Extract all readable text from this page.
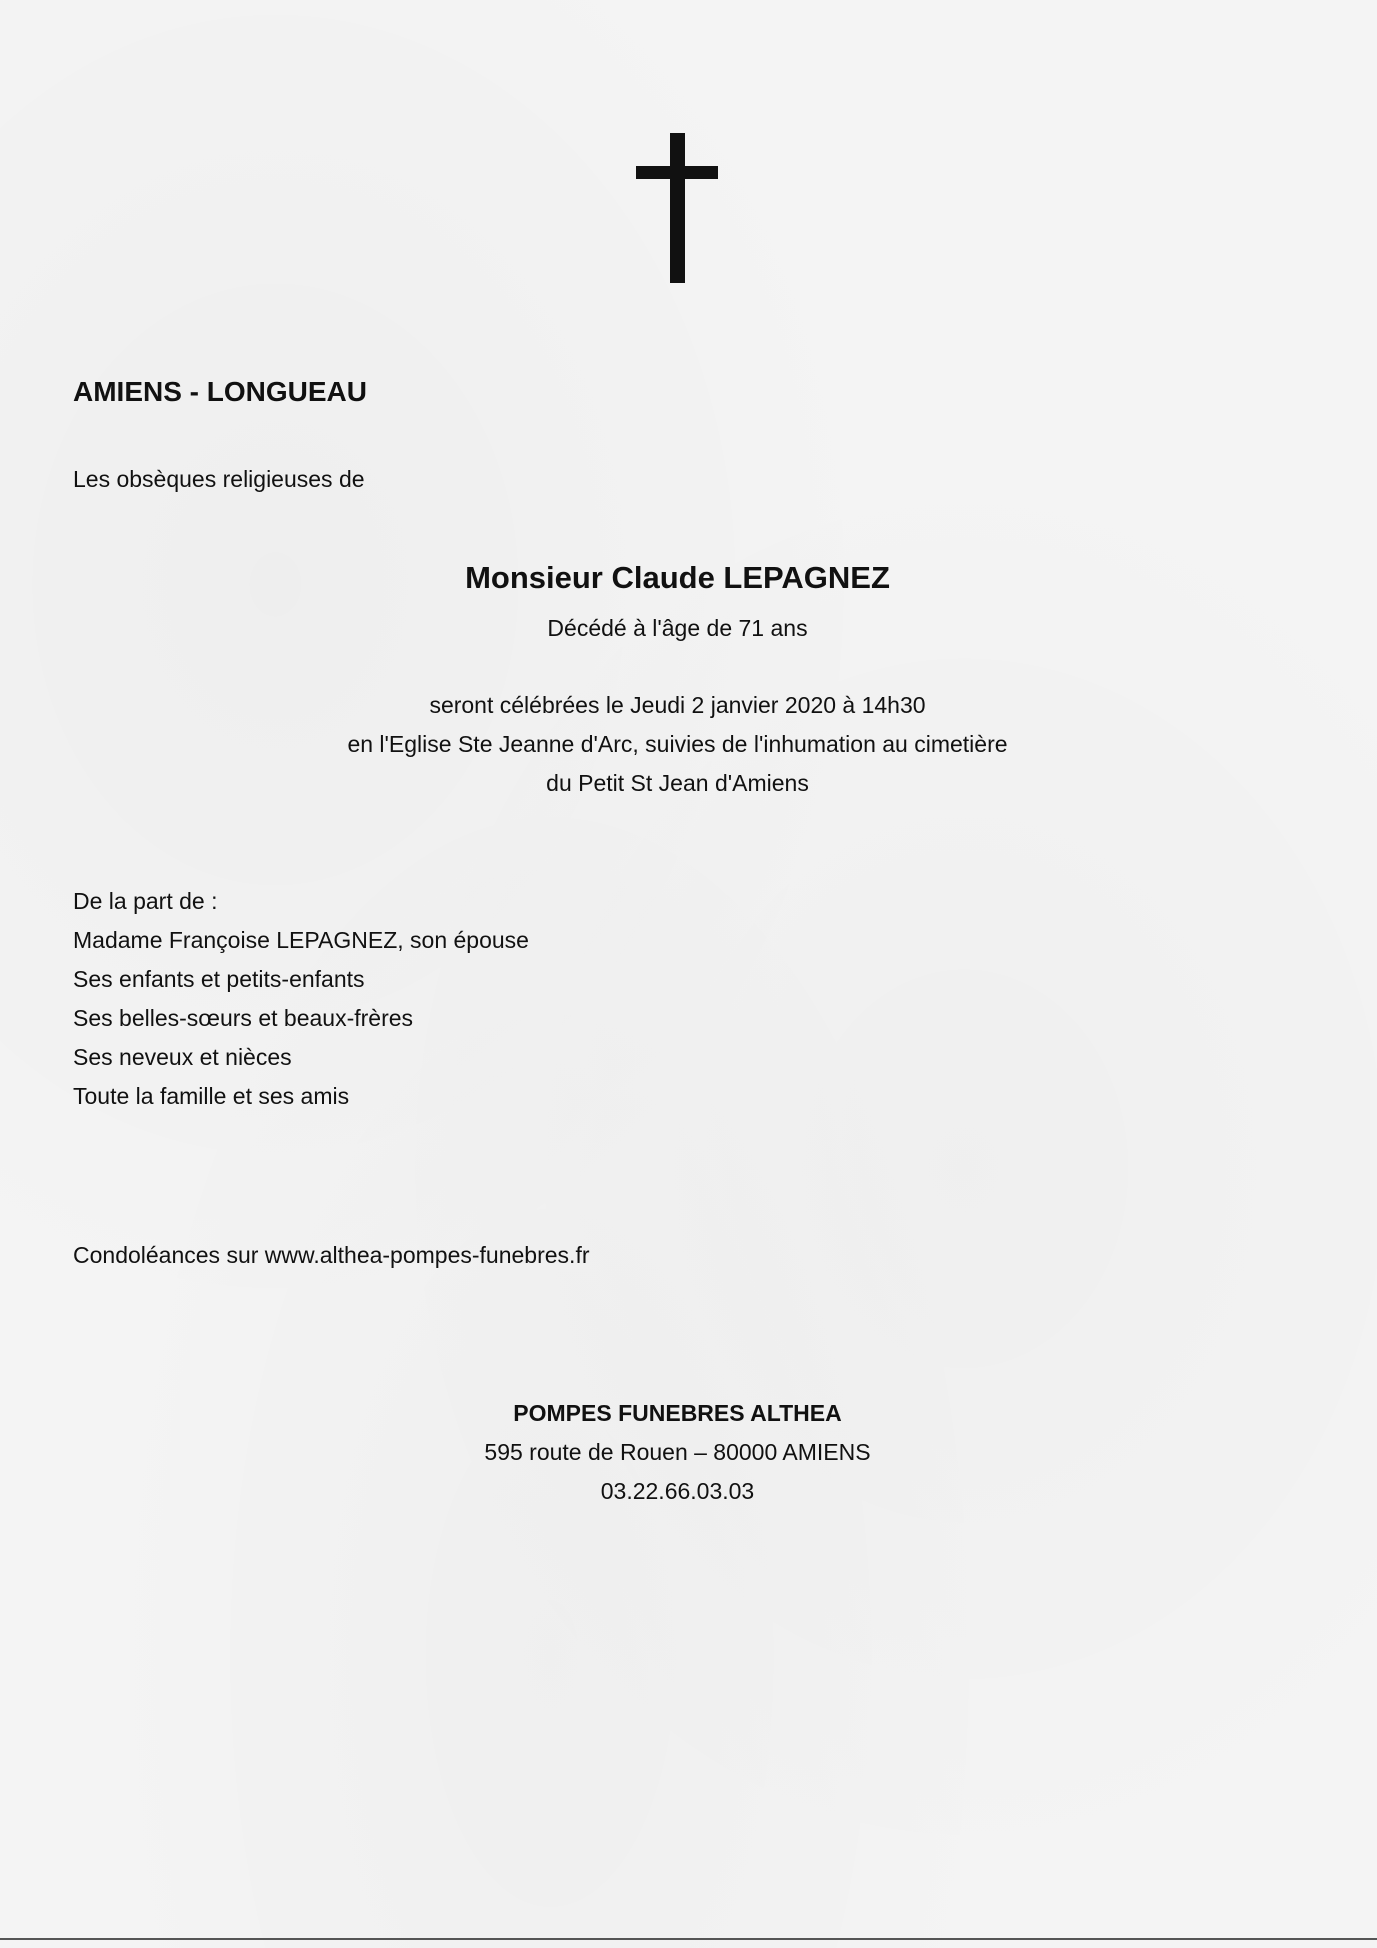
AMIENS - LONGUEAU
Les obsèques religieuses de
Monsieur Claude LEPAGNEZ
Décédé à l'âge de 71 ans
seront célébrées le Jeudi 2 janvier 2020 à 14h30
en l'Eglise Ste Jeanne d'Arc, suivies de l'inhumation au cimetière
du Petit St Jean d'Amiens
De la part de :
Madame Françoise LEPAGNEZ, son épouse
Ses enfants et petits-enfants
Ses belles-sœurs et beaux-frères
Ses neveux et nièces
Toute la famille et ses amis
Condoléances sur www.althea-pompes-funebres.fr
POMPES FUNEBRES ALTHEA
595 route de Rouen – 80000 AMIENS
03.22.66.03.03
